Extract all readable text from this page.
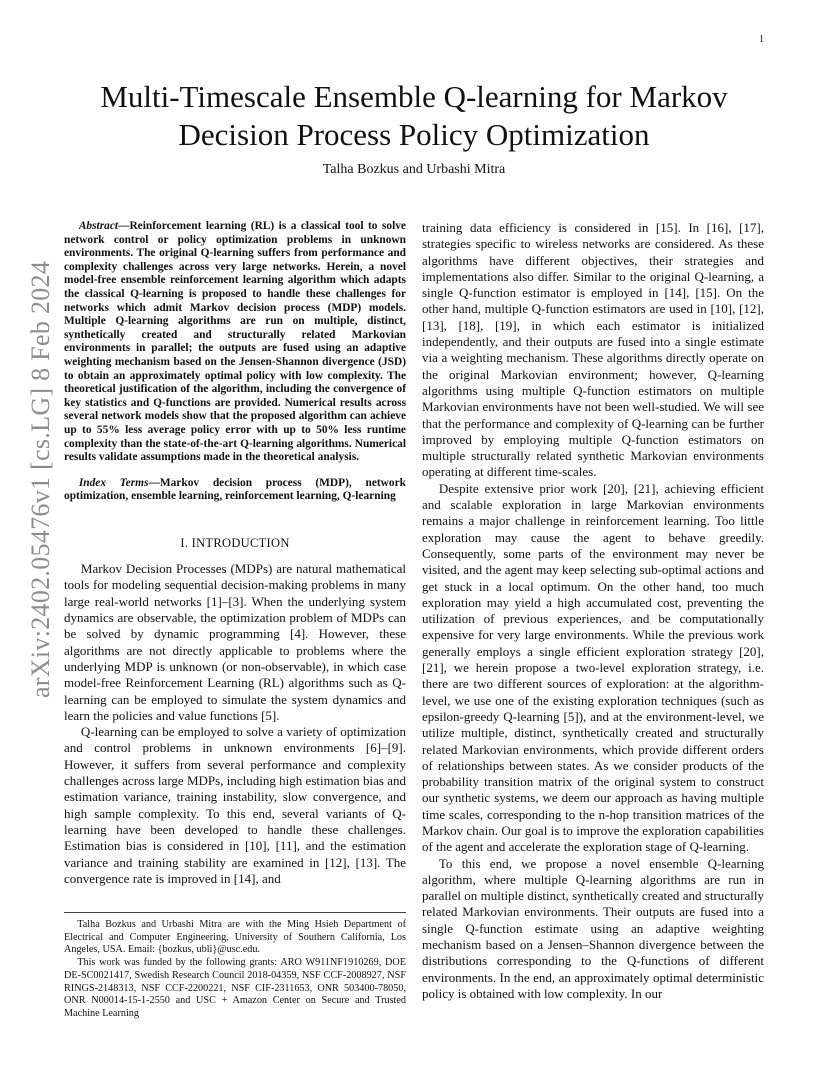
1
arXiv:2402.05476v1 [cs.LG] 8 Feb 2024
Multi-Timescale Ensemble Q-learning for Markov Decision Process Policy Optimization
Talha Bozkus and Urbashi Mitra

Abstract—Reinforcement learning (RL) is a classical tool to solve network control or policy optimization problems in unknown environments. The original Q-learning suffers from performance and complexity challenges across very large networks. Herein, a novel model-free ensemble reinforcement learning algorithm which adapts the classical Q-learning is proposed to handle these challenges for networks which admit Markov decision process (MDP) models. Multiple Q-learning algorithms are run on multiple, distinct, synthetically created and structurally related Markovian environments in parallel; the outputs are fused using an adaptive weighting mechanism based on the Jensen-Shannon divergence (JSD) to obtain an approximately optimal policy with low complexity. The theoretical justification of the algorithm, including the convergence of key statistics and Q-functions are provided. Numerical results across several network models show that the proposed algorithm can achieve up to 55% less average policy error with up to 50% less runtime complexity than the state-of-the-art Q-learning algorithms. Numerical results validate assumptions made in the theoretical analysis.

Index Terms—Markov decision process (MDP), network optimization, ensemble learning, reinforcement learning, Q-learning

I. INTRODUCTION

Markov Decision Processes (MDPs) are natural mathematical tools for modeling sequential decision-making problems in many large real-world networks [1]–[3]. When the underlying system dynamics are observable, the optimization problem of MDPs can be solved by dynamic programming [4]. However, these algorithms are not directly applicable to problems where the underlying MDP is unknown (or non-observable), in which case model-free Reinforcement Learning (RL) algorithms such as Q-learning can be employed to simulate the system dynamics and learn the policies and value functions [5].

Q-learning can be employed to solve a variety of optimization and control problems in unknown environments [6]–[9]. However, it suffers from several performance and complexity challenges across large MDPs, including high estimation bias and estimation variance, training instability, slow convergence, and high sample complexity. To this end, several variants of Q-learning have been developed to handle these challenges. Estimation bias is considered in [10], [11], and the estimation variance and training stability are examined in [12], [13]. The convergence rate is improved in [14], and

training data efficiency is considered in [15]. In [16], [17], strategies specific to wireless networks are considered. As these algorithms have different objectives, their strategies and implementations also differ. Similar to the original Q-learning, a single Q-function estimator is employed in [14], [15]. On the other hand, multiple Q-function estimators are used in [10], [12], [13], [18], [19], in which each estimator is initialized independently, and their outputs are fused into a single estimate via a weighting mechanism. These algorithms directly operate on the original Markovian environment; however, Q-learning algorithms using multiple Q-function estimators on multiple Markovian environments have not been well-studied. We will see that the performance and complexity of Q-learning can be further improved by employing multiple Q-function estimators on multiple structurally related synthetic Markovian environments operating at different time-scales.

Despite extensive prior work [20], [21], achieving efficient and scalable exploration in large Markovian environments remains a major challenge in reinforcement learning. Too little exploration may cause the agent to behave greedily. Consequently, some parts of the environment may never be visited, and the agent may keep selecting sub-optimal actions and get stuck in a local optimum. On the other hand, too much exploration may yield a high accumulated cost, preventing the utilization of previous experiences, and be computationally expensive for very large environments. While the previous work generally employs a single efficient exploration strategy [20], [21], we herein propose a two-level exploration strategy, i.e. there are two different sources of exploration: at the algorithm-level, we use one of the existing exploration techniques (such as epsilon-greedy Q-learning [5]), and at the environment-level, we utilize multiple, distinct, synthetically created and structurally related Markovian environments, which provide different orders of relationships between states. As we consider products of the probability transition matrix of the original system to construct our synthetic systems, we deem our approach as having multiple time scales, corresponding to the n-hop transition matrices of the Markov chain. Our goal is to improve the exploration capabilities of the agent and accelerate the exploration stage of Q-learning.

To this end, we propose a novel ensemble Q-learning algorithm, where multiple Q-learning algorithms are run in parallel on multiple distinct, synthetically created and structurally related Markovian environments. Their outputs are fused into a single Q-function estimate using an adaptive weighting mechanism based on a Jensen–Shannon divergence between the distributions corresponding to the Q-functions of different environments. In the end, an approximately optimal deterministic policy is obtained with low complexity. In our

Talha Bozkus and Urbashi Mitra are with the Ming Hsieh Department of Electrical and Computer Engineering, University of Southern California, Los Angeles, USA. Email: {bozkus, ubli}@usc.edu.

This work was funded by the following grants: ARO W911NF1910269, DOE DE-SC0021417, Swedish Research Council 2018-04359, NSF CCF-2008927, NSF RINGS-2148313, NSF CCF-2200221, NSF CIF-2311653, ONR 503400-78050, ONR N00014-15-1-2550 and USC + Amazon Center on Secure and Trusted Machine Learning
